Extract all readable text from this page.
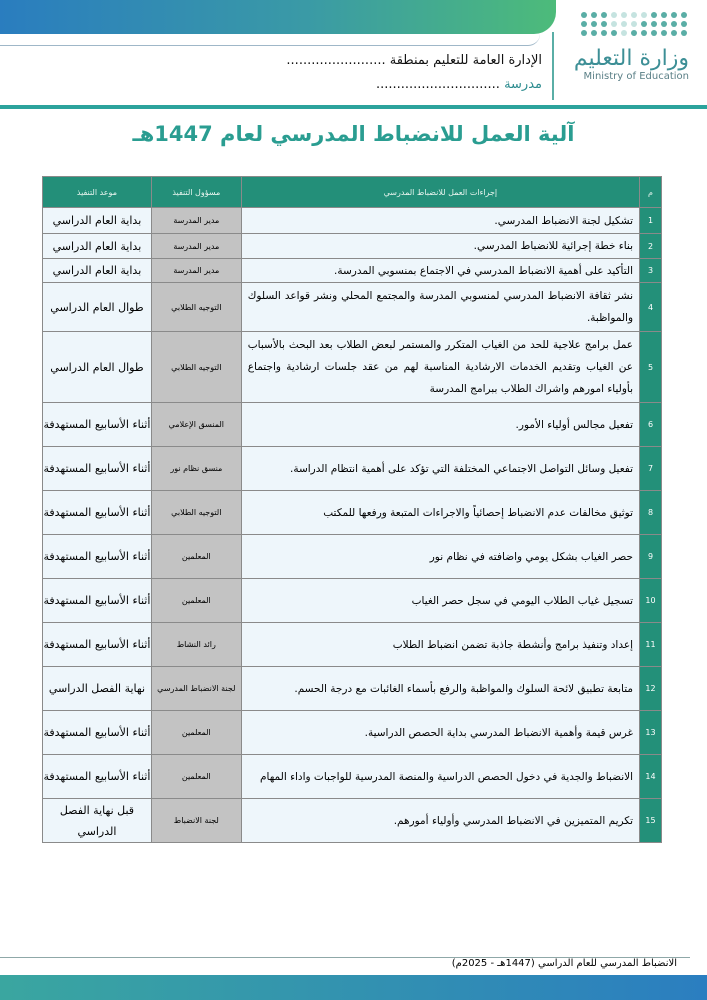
وزارة التعليم
Ministry of Education
الإدارة العامة للتعليم بمنطقة ........................
مدرسة ..............................
آلية العمل للانضباط المدرسي لعام 1447هـ
م	إجراءات العمل للانضباط المدرسي	مسؤول التنفيذ	موعد التنفيذ
1	تشكيل لجنة الانضباط المدرسي.	مدير المدرسة	بداية العام الدراسي
2	بناء خطة إجرائية للانضباط المدرسي.	مدير المدرسة	بداية العام الدراسي
3	التأكيد على أهمية الانضباط المدرسي في الاجتماع بمنسوبي المدرسة.	مدير المدرسة	بداية العام الدراسي
4	نشر ثقافة الانضباط المدرسي لمنسوبي المدرسة والمجتمع المحلي ونشر قواعد السلوك والمواظبة.	التوجيه الطلابي	طوال العام الدراسي
5	عمل برامج علاجية للحد من الغياب المتكرر والمستمر لبعض الطلاب بعد البحث بالأسباب عن الغياب وتقديم الخدمات الارشادية المناسبة لهم من عقد جلسات ارشادية واجتماع بأولياء امورهم واشراك الطلاب ببرامج المدرسة	التوجيه الطلابي	طوال العام الدراسي
6	تفعيل مجالس أولياء الأمور.	المنسق الإعلامي	أثناء الأسابيع المستهدفة
7	تفعيل وسائل التواصل الاجتماعي المختلفة التي تؤكد على أهمية انتظام الدراسة.	منسق نظام نور	أثناء الأسابيع المستهدفة
8	توثيق مخالفات عدم الانضباط إحصائياً والاجراءات المتبعة ورفعها للمكتب	التوجيه الطلابي	أثناء الأسابيع المستهدفة
9	حصر الغياب بشكل يومي واضافته في نظام نور	المعلمين	أثناء الأسابيع المستهدفة
10	تسجيل غياب الطلاب اليومي في سجل حصر الغياب	المعلمين	أثناء الأسابيع المستهدفة
11	إعداد وتنفيذ برامج وأنشطة جاذبة تضمن انضباط الطلاب	رائد النشاط	أثناء الأسابيع المستهدفة
12	متابعة تطبيق لائحة السلوك والمواظبة والرفع بأسماء الغائبات مع درجة الحسم.	لجنة الانضباط المدرسي	نهاية الفصل الدراسي
13	غرس قيمة وأهمية الانضباط المدرسي بداية الحصص الدراسية.	المعلمين	أثناء الأسابيع المستهدفة
14	الانضباط والجدية في دخول الحصص الدراسية والمنصة المدرسية للواجبات واداء المهام	المعلمين	أثناء الأسابيع المستهدفة
15	تكريم المتميزين في الانضباط المدرسي وأولياء أمورهم.	لجنة الانضباط	قبل نهاية الفصل الدراسي
الانضباط المدرسي للعام الدراسي (1447هـ - 2025م)
